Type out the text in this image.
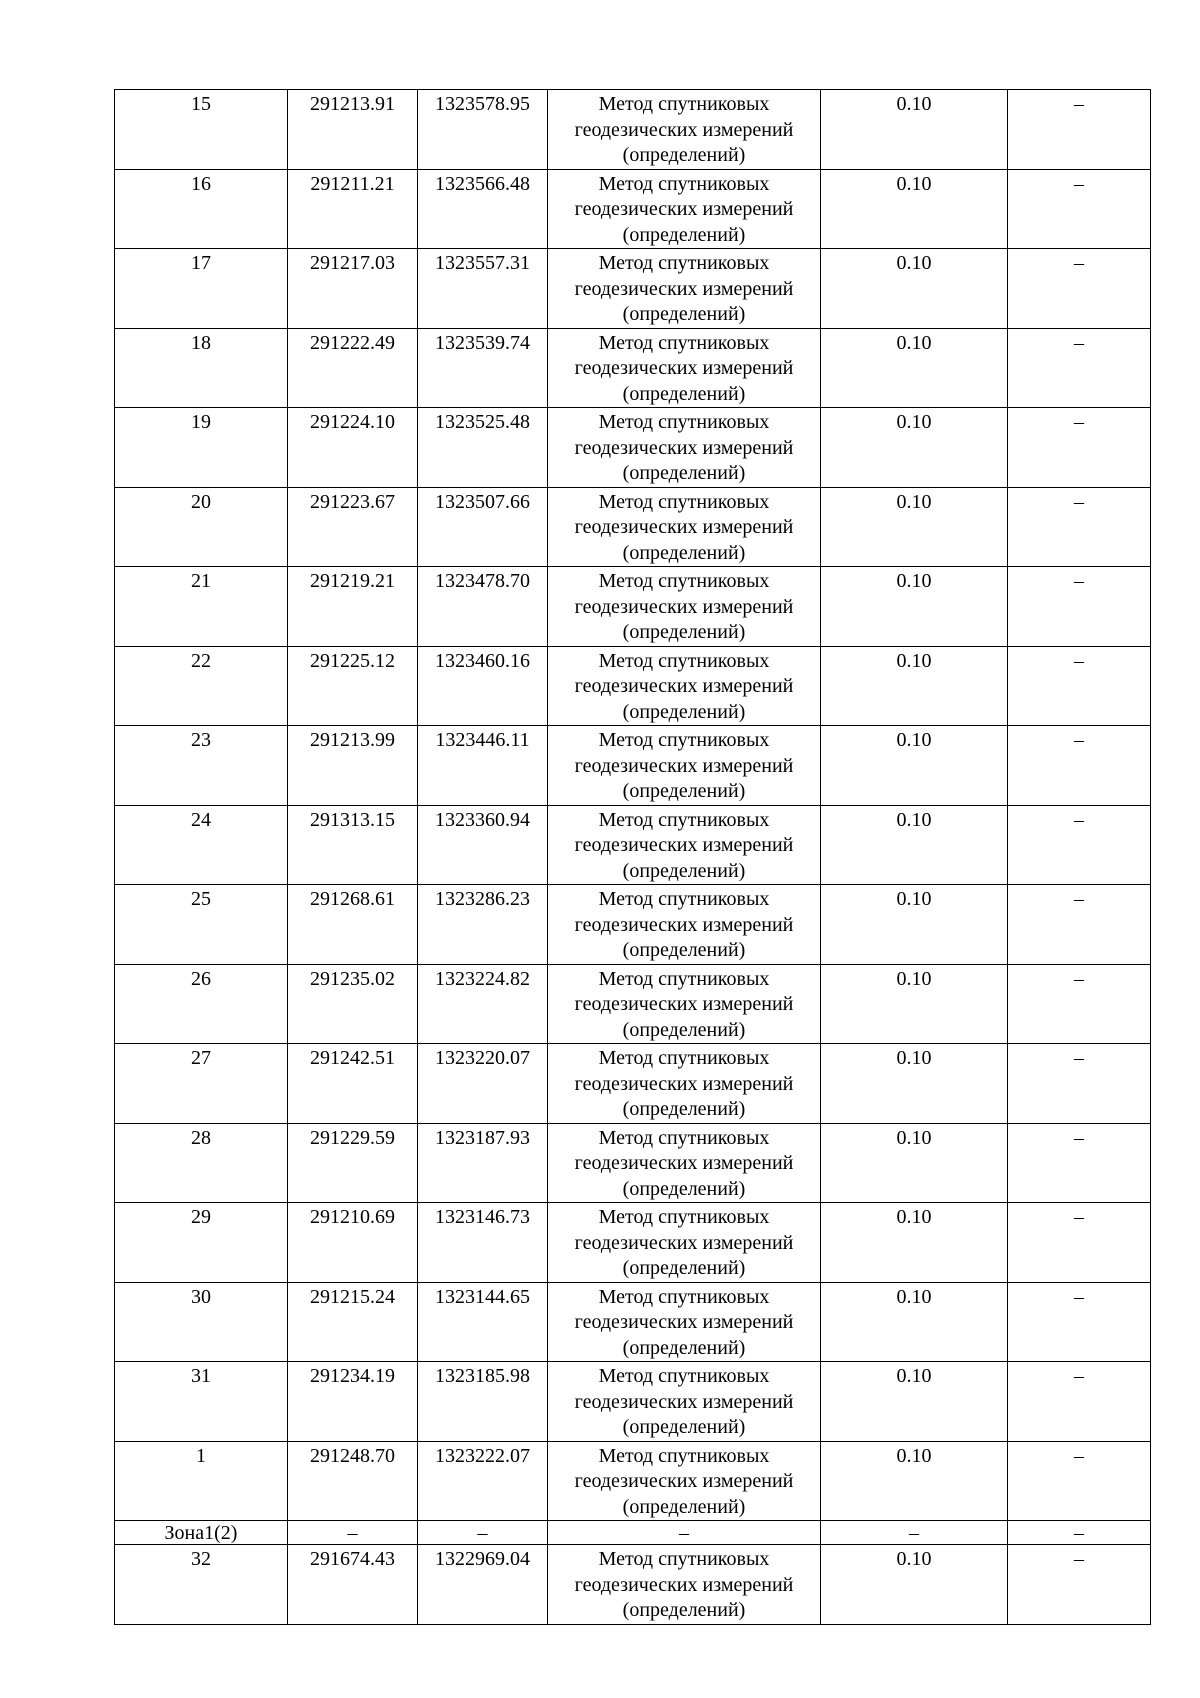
15	291213.91	1323578.95	Метод спутниковых геодезических измерений (определений)	0.10	–
16	291211.21	1323566.48	Метод спутниковых геодезических измерений (определений)	0.10	–
17	291217.03	1323557.31	Метод спутниковых геодезических измерений (определений)	0.10	–
18	291222.49	1323539.74	Метод спутниковых геодезических измерений (определений)	0.10	–
19	291224.10	1323525.48	Метод спутниковых геодезических измерений (определений)	0.10	–
20	291223.67	1323507.66	Метод спутниковых геодезических измерений (определений)	0.10	–
21	291219.21	1323478.70	Метод спутниковых геодезических измерений (определений)	0.10	–
22	291225.12	1323460.16	Метод спутниковых геодезических измерений (определений)	0.10	–
23	291213.99	1323446.11	Метод спутниковых геодезических измерений (определений)	0.10	–
24	291313.15	1323360.94	Метод спутниковых геодезических измерений (определений)	0.10	–
25	291268.61	1323286.23	Метод спутниковых геодезических измерений (определений)	0.10	–
26	291235.02	1323224.82	Метод спутниковых геодезических измерений (определений)	0.10	–
27	291242.51	1323220.07	Метод спутниковых геодезических измерений (определений)	0.10	–
28	291229.59	1323187.93	Метод спутниковых геодезических измерений (определений)	0.10	–
29	291210.69	1323146.73	Метод спутниковых геодезических измерений (определений)	0.10	–
30	291215.24	1323144.65	Метод спутниковых геодезических измерений (определений)	0.10	–
31	291234.19	1323185.98	Метод спутниковых геодезических измерений (определений)	0.10	–
1	291248.70	1323222.07	Метод спутниковых геодезических измерений (определений)	0.10	–
Зона1(2)	–	–	–	–	–
32	291674.43	1322969.04	Метод спутниковых геодезических измерений (определений)	0.10	–
